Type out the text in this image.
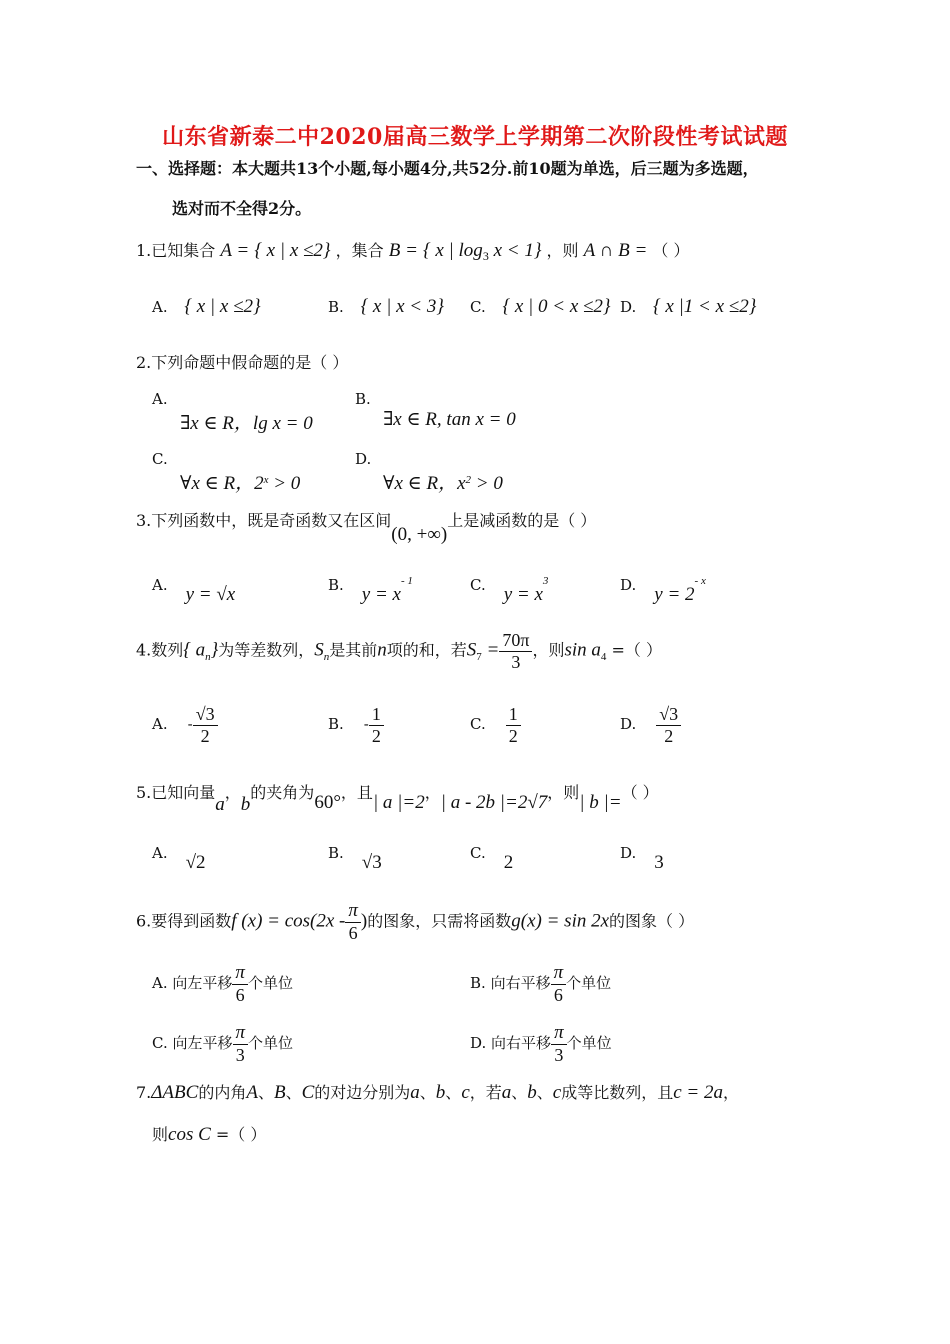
山东省新泰二中2020届高三数学上学期第二次阶段性考试试题
一、选择题：本大题共13个小题,每小题4分,共52分.前10题为单选，后三题为多选题，
选对而不全得2分。
1.已知集合 A = { x | x ≤2} ，集合 B = { x | $\log_3 x < 1$} ，则 A ∩ B = （ ）
A. { x | x ≤2}	B. { x | x < 3} C. { x | 0 < x ≤2} D. { x |1 < x ≤2}
2.下列命题中假命题的是（ ）
A.
∃x ∈ R，lg x = 0
B.
∃x ∈ R, tan x = 0
C.
∀x ∈ R，$2^x > 0$
D.
∀x ∈ R，$x^2 > 0$
3.下列函数中，既是奇函数又在区间(0, +∞)上是减函数的是（ ）
A. y = √x	B. $y = x^{- 1}$	C. $y = x^3$	D. $y = 2^{- x}$
4.数列{ $a_n$}为等差数列，$S_n$是其前n项的和，若$S_7 = \frac{70\pi}{3}$ ，则$\sin a_4$ =（ ）
A. - $\frac{√3}{2}$	B. - $\frac{1}{2}$	C. $\frac{1}{2}$	D. $\frac{√3}{2}$
5.已知向量a，b的夹角为60°，且| a |=2，| a - 2b |=2√7，则| b |=（ ）
A. √2	B. √3	C. 2	D. 3
6.要得到函数f $(x) = \cos(2x - \frac{\pi}{6}$ )的图象，只需将函数g(x) = sin 2x的图象（ ）
A. 向左平移 $\frac{\pi}{6}$ 个单位	B. 向右平移 $\frac{\pi}{6}$ 个单位
C. 向左平移 $\frac{\pi}{3}$ 个单位	D. 向右平移 $\frac{\pi}{3}$ 个单位
7.ΔABC的内角A、B、C的对边分别为a、b、c，若a、b、c成等比数列，且c = 2a，
则cos C =（ ）
